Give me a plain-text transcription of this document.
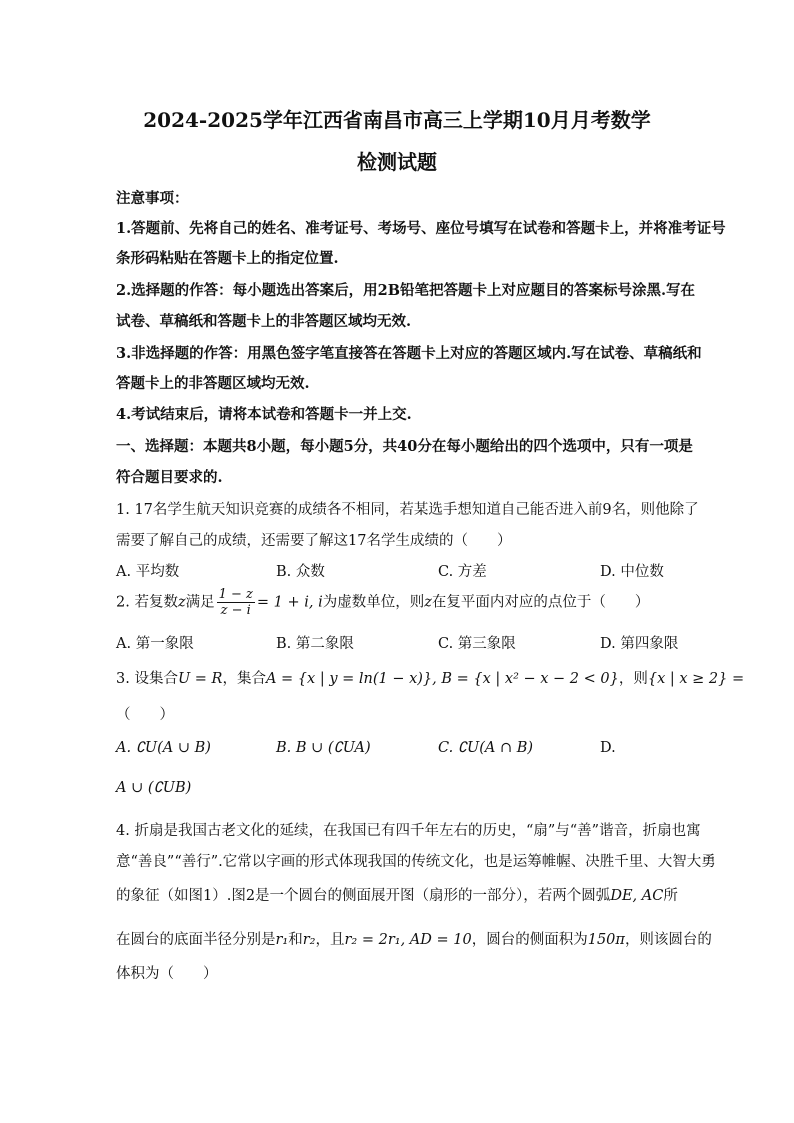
2024-2025学年江西省南昌市高三上学期10月月考数学
检测试题
注意事项：
1.答题前、先将自己的姓名、准考证号、考场号、座位号填写在试卷和答题卡上，并将准考证号
条形码粘贴在答题卡上的指定位置.
2.选择题的作答：每小题选出答案后，用2B铅笔把答题卡上对应题目的答案标号涂黑.写在
试卷、草稿纸和答题卡上的非答题区域均无效.
3.非选择题的作答：用黑色签字笔直接答在答题卡上对应的答题区域内.写在试卷、草稿纸和
答题卡上的非答题区域均无效.
4.考试结束后，请将本试卷和答题卡一并上交.
一、选择题：本题共8小题，每小题5分，共40分在每小题给出的四个选项中，只有一项是
符合题目要求的.
1. 17名学生航天知识竞赛的成绩各不相同，若某选手想知道自己能否进入前9名，则他除了
需要了解自己的成绩，还需要了解这17名学生成绩的（　　）
A. 平均数	B. 众数	C. 方差	D. 中位数
2. 若复数z满足 $\frac{1 - z}{z - i} = 1 + i$, i为虚数单位，则z在复平面内对应的点位于（　　）
A. 第一象限	B. 第二象限	C. 第三象限	D. 第四象限
3. 设集合U = R，集合A = {x | y = ln(1 − x)}, B = {x | x² − x − 2 < 0}，则{x | x ≥ 2} =
（　　）
A. ∁U(A ∪ B)	B. B ∪ (∁UA)	C. ∁U(A ∩ B)	D.
A ∪ (∁UB)
4. 折扇是我国古老文化的延续，在我国已有四千年左右的历史，“扇”与“善”谐音，折扇也寓
意“善良”“善行”.它常以字画的形式体现我国的传统文化，也是运筹帷幄、决胜千里、大智大勇
的象征（如图1）.图2是一个圆台的侧面展开图（扇形的一部分），若两个圆弧DE, AC所
在圆台的底面半径分别是r₁和r₂，且r₂ = 2r₁, AD = 10，圆台的侧面积为150π，则该圆台的
体积为（　　）
